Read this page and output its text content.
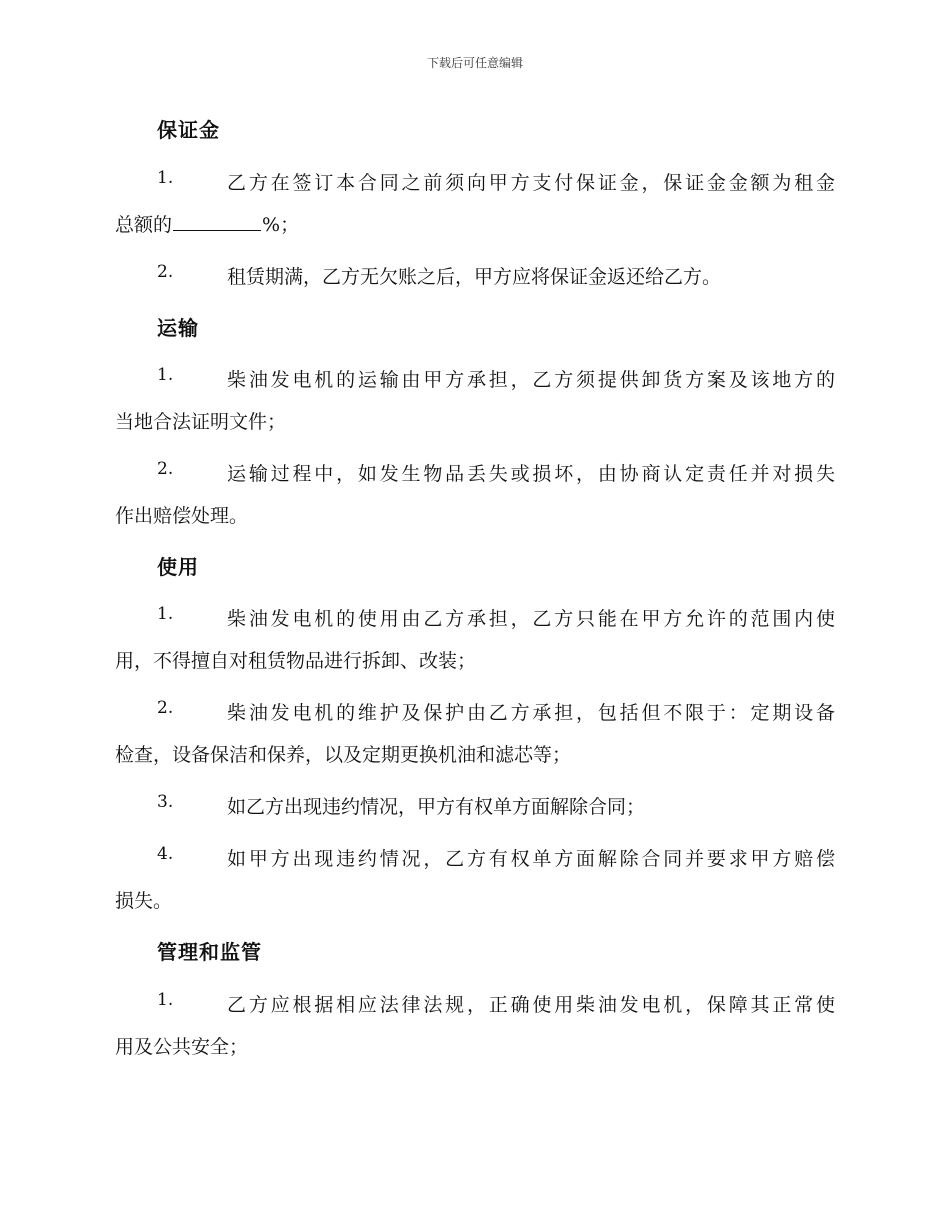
下载后可任意编辑
保证金
1.	乙方在签订本合同之前须向甲方支付保证金，保证金金额为租金
总额的	%；
2.	租赁期满，乙方无欠账之后，甲方应将保证金返还给乙方。
运输
1.	柴油发电机的运输由甲方承担，乙方须提供卸货方案及该地方的
当地合法证明文件；
2.	运输过程中，如发生物品丢失或损坏，由协商认定责任并对损失
作出赔偿处理。
使用
1.	柴油发电机的使用由乙方承担，乙方只能在甲方允许的范围内使
用，不得擅自对租赁物品进行拆卸、改装；
2.	柴油发电机的维护及保护由乙方承担，包括但不限于：定期设备
检查，设备保洁和保养，以及定期更换机油和滤芯等；
3.	如乙方出现违约情况，甲方有权单方面解除合同；
4.	如甲方出现违约情况，乙方有权单方面解除合同并要求甲方赔偿
损失。
管理和监管
1.	乙方应根据相应法律法规，正确使用柴油发电机，保障其正常使
用及公共安全；
